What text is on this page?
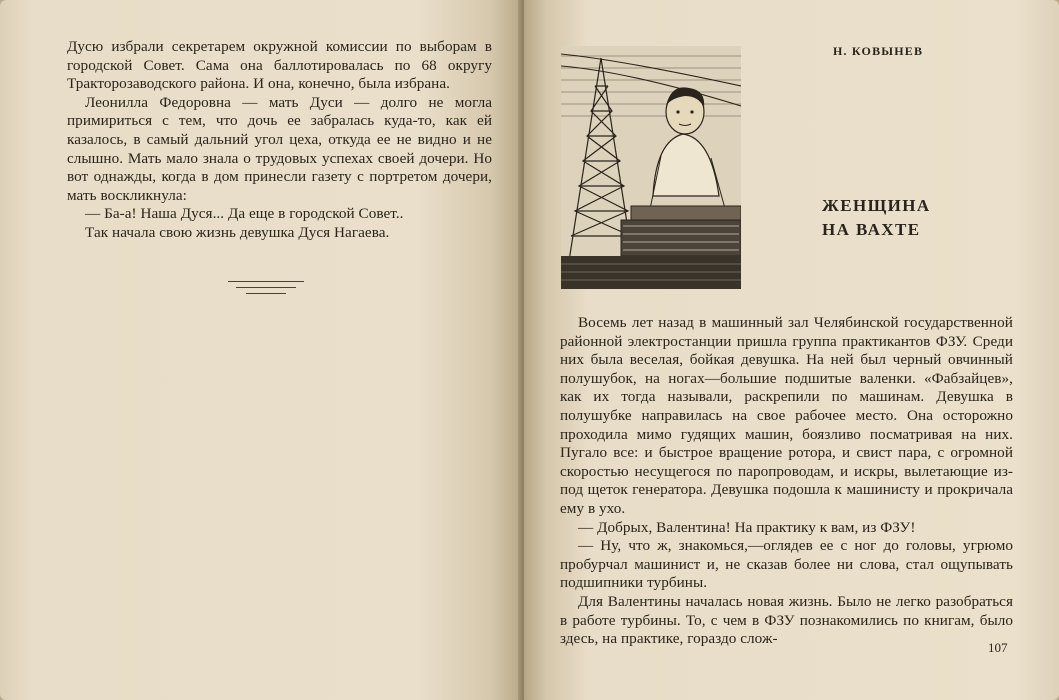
Дусю избрали секретарем окружной комиссии по выборам в городской Совет. Сама она баллотировалась по 68 округу Тракторозаводского района. И она, конечно, была избрана.

Леонилла Федоровна — мать Дуси — долго не могла примириться с тем, что дочь ее забралась куда-то, как ей казалось, в самый дальний угол цеха, откуда ее не видно и не слышно. Мать мало знала о трудовых успехах своей дочери. Но вот однажды, когда в дом принесли газету с портретом дочери, мать воскликнула:

— Ба-а! Наша Дуся... Да еще в городской Совет..

Так начала свою жизнь девушка Дуся Нагаева.

Н. КОВЫНЕВ
ЖЕНЩИНА
НА ВАХТЕ

Восемь лет назад в машинный зал Челябинской государственной районной электростанции пришла группа практикантов ФЗУ. Среди них была веселая, бойкая девушка. На ней был черный овчинный полушубок, на ногах—большие подшитые валенки. «Фабзайцев», как их тогда называли, раскрепили по машинам. Девушка в полушубке направилась на свое рабочее место. Она осторожно проходила мимо гудящих машин, боязливо посматривая на них. Пугало все: и быстрое вращение ротора, и свист пара, с огромной скоростью несущегося по паропроводам, и искры, вылетающие из-под щеток генератора. Девушка подошла к машинисту и прокричала ему в ухо.

— Добрых, Валентина! На практику к вам, из ФЗУ!

— Ну, что ж, знакомься,—оглядев ее с ног до головы, угрюмо пробурчал машинист и, не сказав более ни слова, стал ощупывать подшипники турбины.

Для Валентины началась новая жизнь. Было не легко разобраться в работе турбины. То, с чем в ФЗУ познакомились по книгам, было здесь, на практике, гораздо слож-

107
